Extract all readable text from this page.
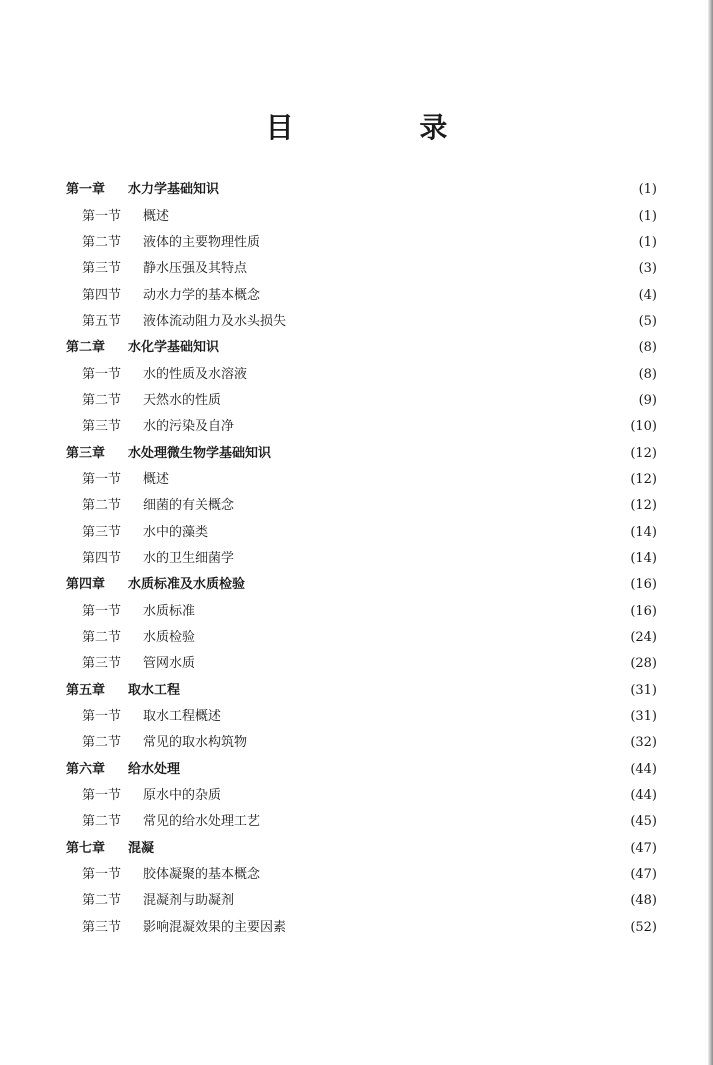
目 录
第一章	水力学基础知识	(1)
第一节	概述	(1)
第二节	液体的主要物理性质	(1)
第三节	静水压强及其特点	(3)
第四节	动水力学的基本概念	(4)
第五节	液体流动阻力及水头损失	(5)
第二章	水化学基础知识	(8)
第一节	水的性质及水溶液	(8)
第二节	天然水的性质	(9)
第三节	水的污染及自净	(10)
第三章	水处理微生物学基础知识	(12)
第一节	概述	(12)
第二节	细菌的有关概念	(12)
第三节	水中的藻类	(14)
第四节	水的卫生细菌学	(14)
第四章	水质标准及水质检验	(16)
第一节	水质标准	(16)
第二节	水质检验	(24)
第三节	管网水质	(28)
第五章	取水工程	(31)
第一节	取水工程概述	(31)
第二节	常见的取水构筑物	(32)
第六章	给水处理	(44)
第一节	原水中的杂质	(44)
第二节	常见的给水处理工艺	(45)
第七章	混凝	(47)
第一节	胶体凝聚的基本概念	(47)
第二节	混凝剂与助凝剂	(48)
第三节	影响混凝效果的主要因素	(52)
